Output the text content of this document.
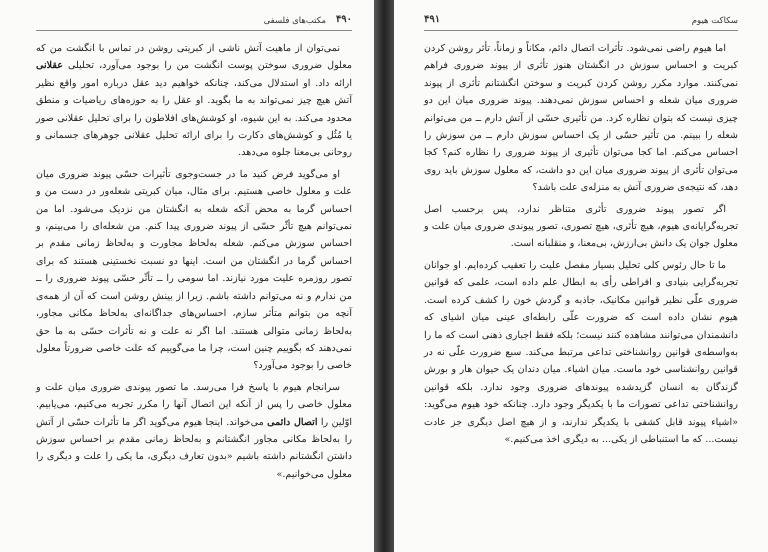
۴۹۰
مکتب‌های فلسفی

نمی‌توان از ماهیت آتش ناشی از کبریتی روشن در تماس با انگشت من که معلول ضروری سوختن پوست انگشت من را بوجود می‌آورد، تحلیلی عقلانی ارائه داد. او استدلال می‌کند، چنانکه خواهیم دید عقل درباره امور واقع نظیر آتش هیچ چیز نمی‌تواند به ما بگوید. او عقل را به حوزه‌های ریاضیات و منطق محدود می‌کند. به این شیوه، او کوشش‌های افلاطون را برای تحلیل عقلانی صور یا مُثُل و کوشش‌های دکارت را برای ارائه تحلیل عقلانی جوهرهای جسمانی و روحانی بی‌معنا جلوه می‌دهد.

او می‌گوید فرض کنید ما در جست‌وجوی تأثیرات حسّی پیوند ضروری میان علت و معلول خاصی هستیم. برای مثال، میان کبریتی شعله‌ور در دست من و احساس گرما به محض آنکه شعله به انگشتان من نزدیک می‌شود. اما من نمی‌توانم هیچ تأثّر حسّی از پیوند ضروری پیدا کنم. من شعله‌ای را می‌بینم، و احساس سوزش می‌کنم. شعله به‌لحاظ مجاورت و به‌لحاظ زمانی مقدم بر احساس گرما در انگشتان من است. اینها دو نسبت نخستینی هستند که برای تصور روزمره علیت مورد نیازند. اما سومی را ــ تأثّر حسّی پیوند ضروری را ــ من ندارم و نه می‌توانم داشته باشم. زیرا از بینش روشن است که آن از همه‌ی آنچه من بتوانم متأثر سازم، احساس‌های جداگانه‌ای به‌لحاظ مکانی مجاور، به‌لحاظ زمانی متوالی هستند. اما اگر نه علت و نه تأثرات حسّی به ما حق نمی‌دهند که بگوییم چنین است، چرا ما می‌گوییم که علت خاصی ضرورتاً معلول خاصی را بوجود می‌آورد؟

سرانجام هیوم با پاسخ فرا می‌رسد. ما تصور پیوندی ضروری میان علت و معلول خاصی را پس از آنکه این اتصال آنها را مکرر تجربه می‌کنیم، می‌یابیم. اوّلین را اتصال دائمی می‌خواند. اینجا هیوم می‌گوید اگر ما تأثرات حسّی از آتش را به‌لحاظ مکانی مجاور انگشتانم و به‌لحاظ زمانی مقدم بر احساس سوزش داشتن انگشتانم داشته باشیم «بدون تعارف دیگری، ما یکی را علت و دیگری را معلول می‌خوانیم.»

سکاکت هیوم
۴۹۱

اما هیوم راضی نمی‌شود. تأثرات اتصال دائم، مکاناً و زماناً، تأثر روشن کردن کبریت و احساس سوزش در انگشتان هنوز تأثری از پیوند ضروری فراهم نمی‌کنند. موارد مکرر روشن کردن کبریت و سوختن انگشتانم تأثری از پیوند ضروری میان شعله و احساس سوزش نمی‌دهند. پیوند ضروری میان این دو چیزی نیست که بتوان نظاره کرد. من تأثیری حسّی از آتش دارم ــ من می‌توانم شعله را ببینم. من تأثیر حسّی از یک احساس سوزش دارم ــ من سوزش را احساس می‌کنم. اما کجا می‌توان تأثیری از پیوند ضروری را نظاره کنم؟ کجا می‌توان تأثری از پیوند ضروری میان این دو داشت، که معلول سوزش باید روی دهد، که نتیجه‌ی ضروری آتش به منزله‌ی علت باشد؟

اگر تصور پیوند ضروری تأثری متناظر ندارد، پس برحسب اصل تجربه‌گرایانه‌ی هیوم، هیچ تأثری، هیچ تصوری، تصور پیوندی ضروری میان علت و معلول جوان یک دانش بی‌ارزش، بی‌معنا، و منقلبانه است.

ما تا حال رئوس کلی تحلیل بسیار مفصل علیت را تعقیب کرده‌ایم. او جوانان تجربه‌گرایی بنیادی و افراطی رأی به ابطال علم داده است، علمی که قوانین ضروری علّی نظیر قوانین مکانیک، جاذبه و گردش خون را کشف کرده است. هیوم نشان داده است که ضرورت علّی رابطه‌ای عینی میان اشیای که دانشمندان می‌توانند مشاهده کنند نیست؛ بلکه فقط اجباری ذهنی است که ما را به‌واسطه‌ی قوانین روانشناختی تداعی مرتبط می‌کند. سبع ضرورت علّی نه در قوانین روانشناسی خود ماست. میان اشیاء. میان دندان یک حیوان هار و بورش گزندگان به انسان گزیدشده پیوندهای ضروری وجود ندارد. بلکه قوانین روانشناختی تداعی تصورات ما با یکدیگر وجود دارد. چنانکه خود هیوم می‌گوید: «اشیاء پیوند قابل کشفی با یکدیگر ندارند، و از هیچ اصل دیگری جز عادت نیست... که ما استنباطی از یکی... به دیگری اخذ می‌کنیم.»
